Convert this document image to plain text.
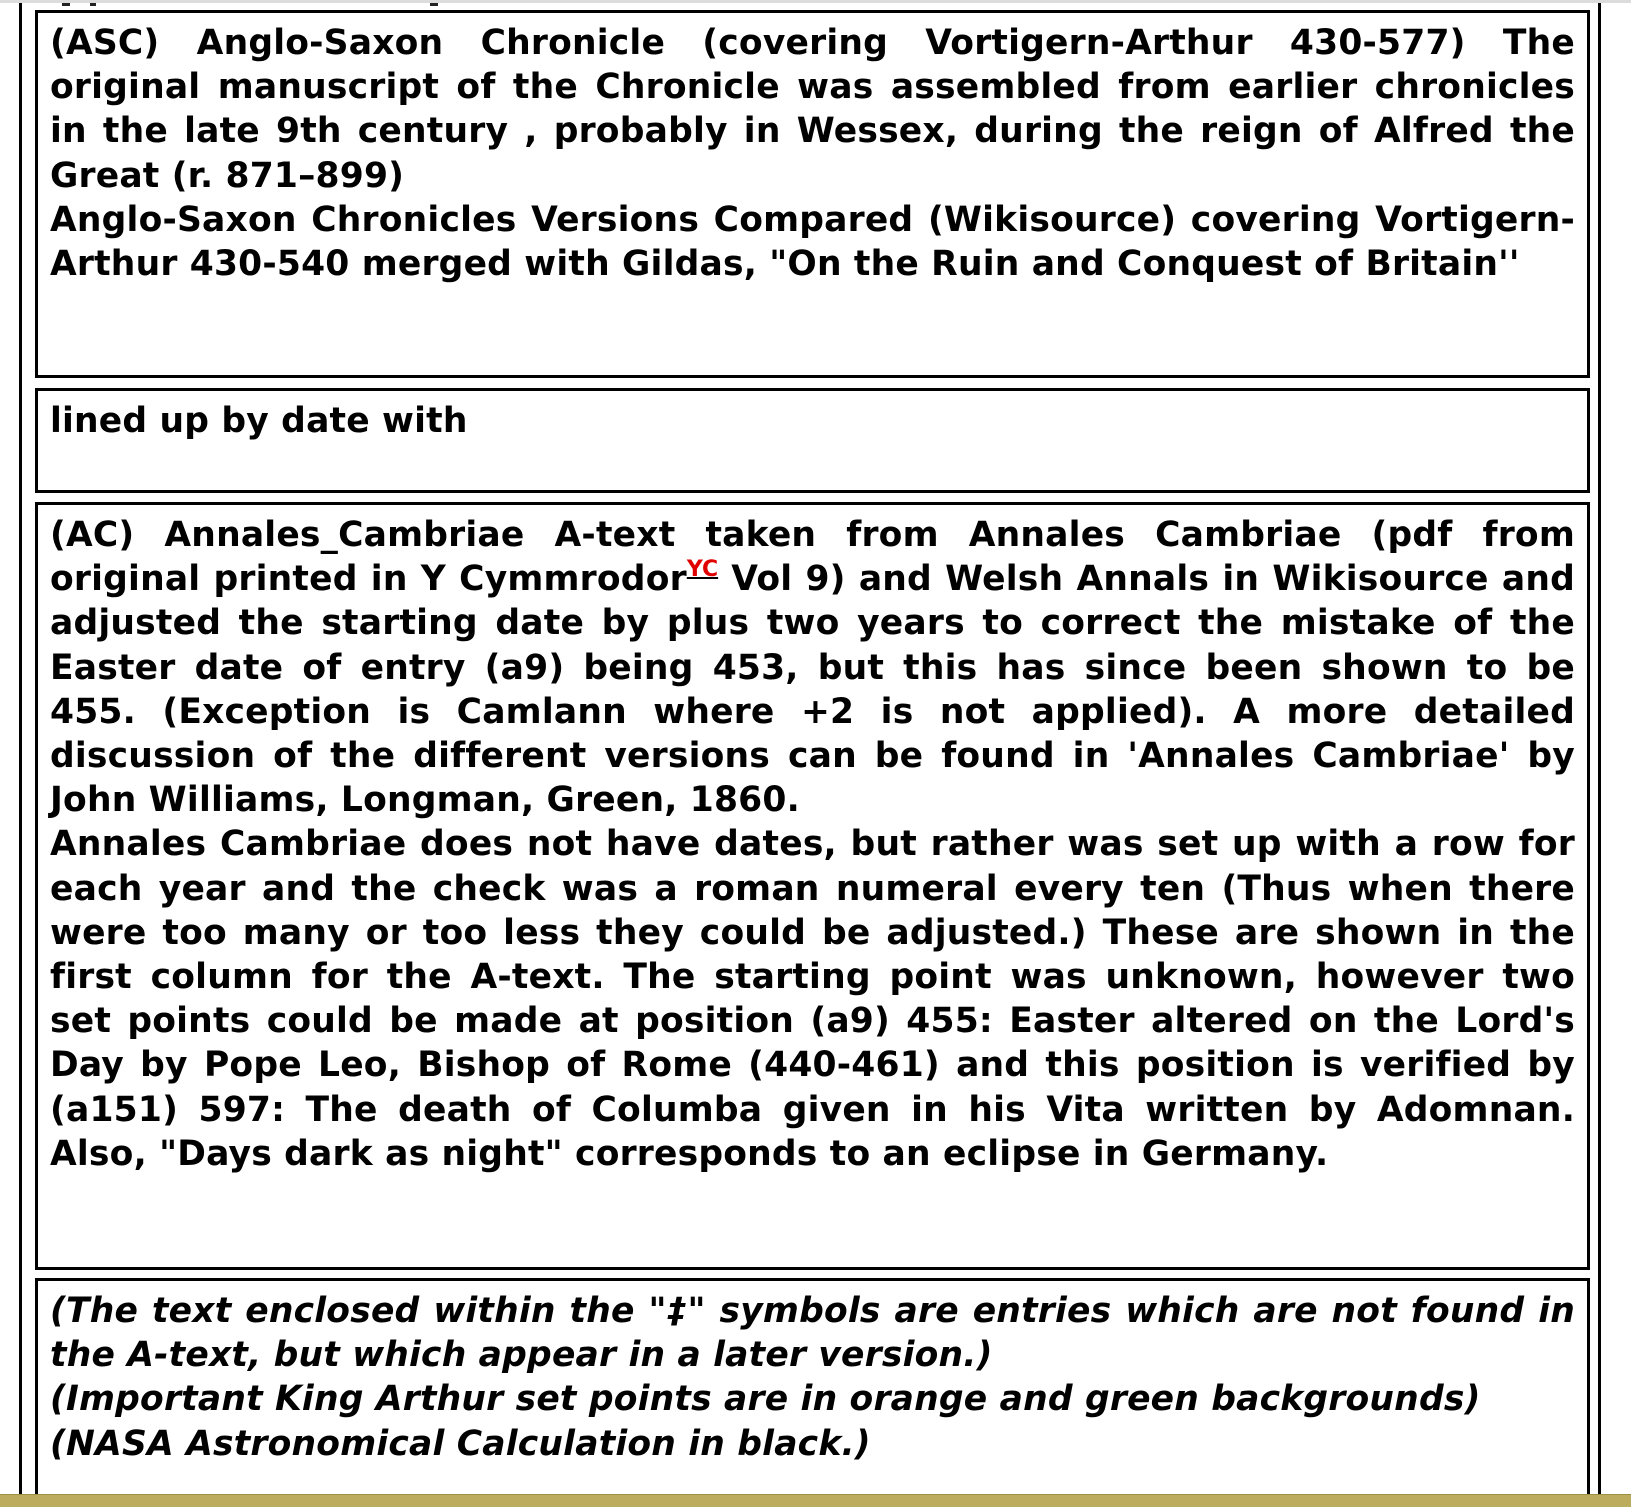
(ASC) Anglo-Saxon Chronicle (covering Vortigern-Arthur 430-577) The original manuscript of the Chronicle was assembled from earlier chronicles in the late 9th century , probably in Wessex, during the reign of Alfred the Great (r. 871–899)

Anglo-Saxon Chronicles Versions Compared (Wikisource) covering Vortigern-Arthur 430-540 merged with Gildas, "On the Ruin and Conquest of Britain''

lined up by date with

(AC) Annales_Cambriae A-text taken from Annales Cambriae (pdf from original printed in Y Cymmrodor$^{YC}$ Vol 9) and Welsh Annals in Wikisource and adjusted the starting date by plus two years to correct the mistake of the Easter date of entry (a9) being 453, but this has since been shown to be 455. (Exception is Camlann where +2 is not applied). A more detailed discussion of the different versions can be found in 'Annales Cambriae' by John Williams, Longman, Green, 1860.

Annales Cambriae does not have dates, but rather was set up with a row for each year and the check was a roman numeral every ten (Thus when there were too many or too less they could be adjusted.) These are shown in the first column for the A-text. The starting point was unknown, however two set points could be made at position (a9) 455: Easter altered on the Lord's Day by Pope Leo, Bishop of Rome (440-461) and this position is verified by (a151) 597: The death of Columba given in his Vita written by Adomnan. Also, "Days dark as night" corresponds to an eclipse in Germany.

(The text enclosed within the "‡" symbols are entries which are not found in the A-text, but which appear in a later version.)

(Important King Arthur set points are in orange and green backgrounds)

(NASA Astronomical Calculation in black.)
